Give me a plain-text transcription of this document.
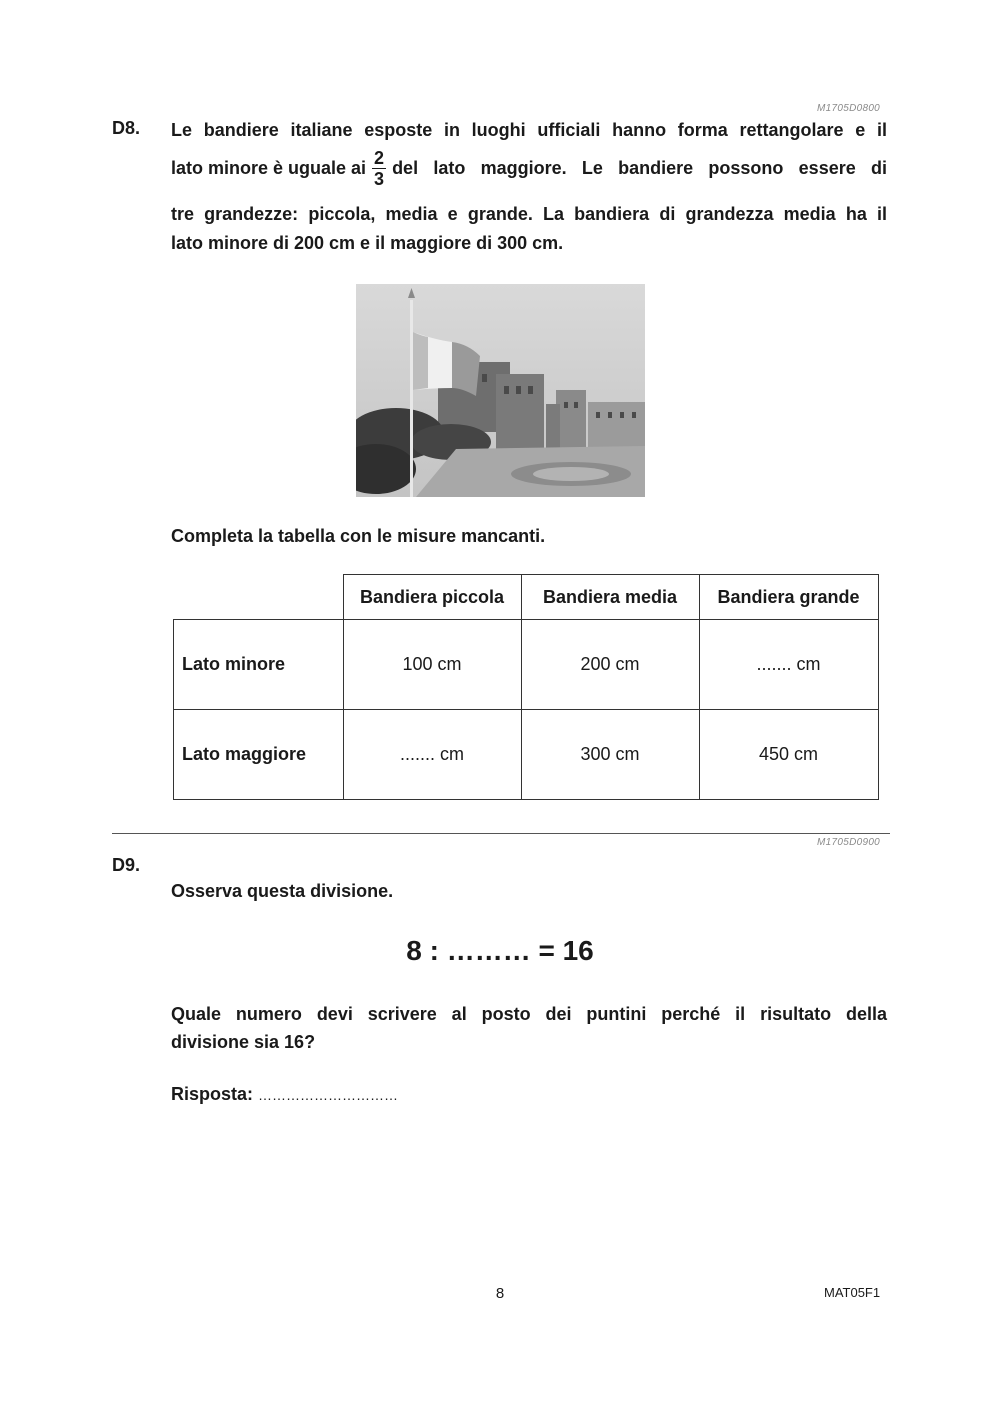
M1705D0800
D8. Le bandiere italiane esposte in luoghi ufficiali hanno forma rettangolare e il
lato minore è uguale ai $\frac{2}{3}$ del lato maggiore. Le bandiere possono essere di
tre grandezze: piccola, media e grande. La bandiera di grandezza media ha il
lato minore di 200 cm e il maggiore di 300 cm.
Completa la tabella con le misure mancanti.
	Bandiera piccola	Bandiera media	Bandiera grande
Lato minore	100 cm	200 cm	....... cm
Lato maggiore	....... cm	300 cm	450 cm
M1705D0900
D9.
Osserva questa divisione.
8 : ……… = 16
Quale numero devi scrivere al posto dei puntini perché il risultato della
divisione sia 16?
Risposta: …………………………
8	MAT05F1
